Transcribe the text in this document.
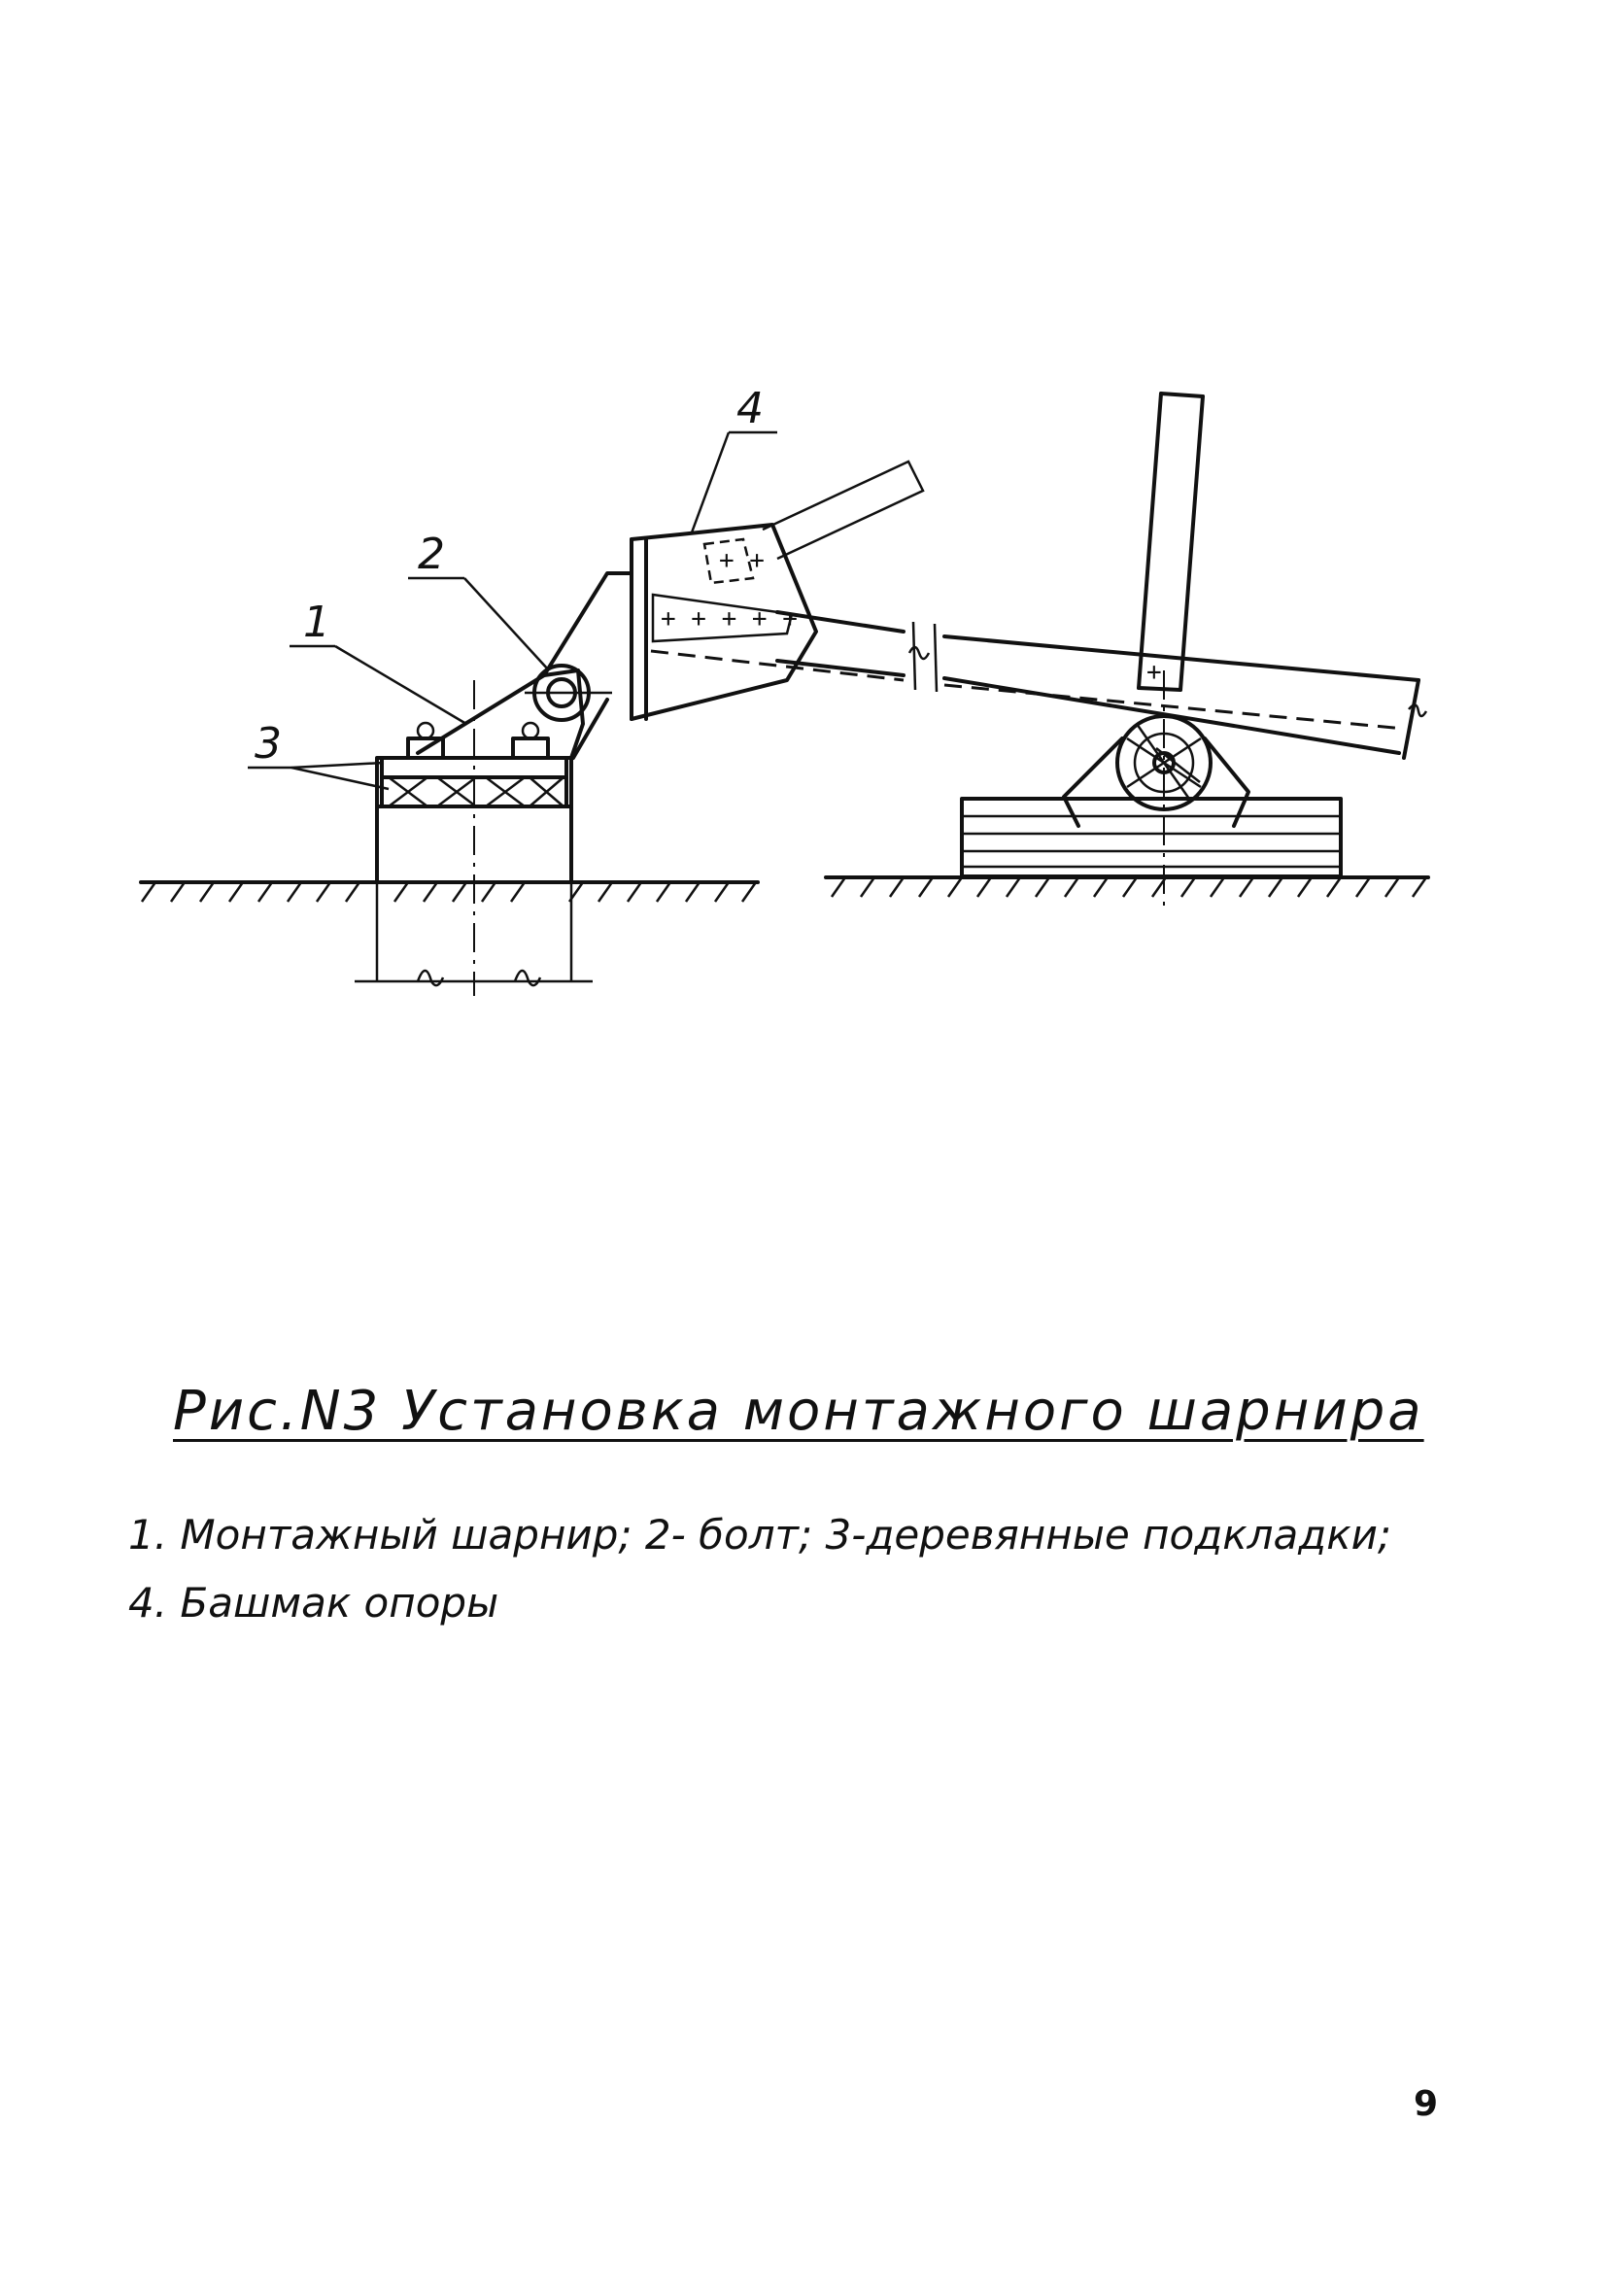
+ +
+ + + + +
+
1
2
3
4
Рис.N3 Установка монтажного шарнира
1. Монтажный шарнир; 2- болт; 3-деревянные подкладки;
4. Башмак опоры
9
